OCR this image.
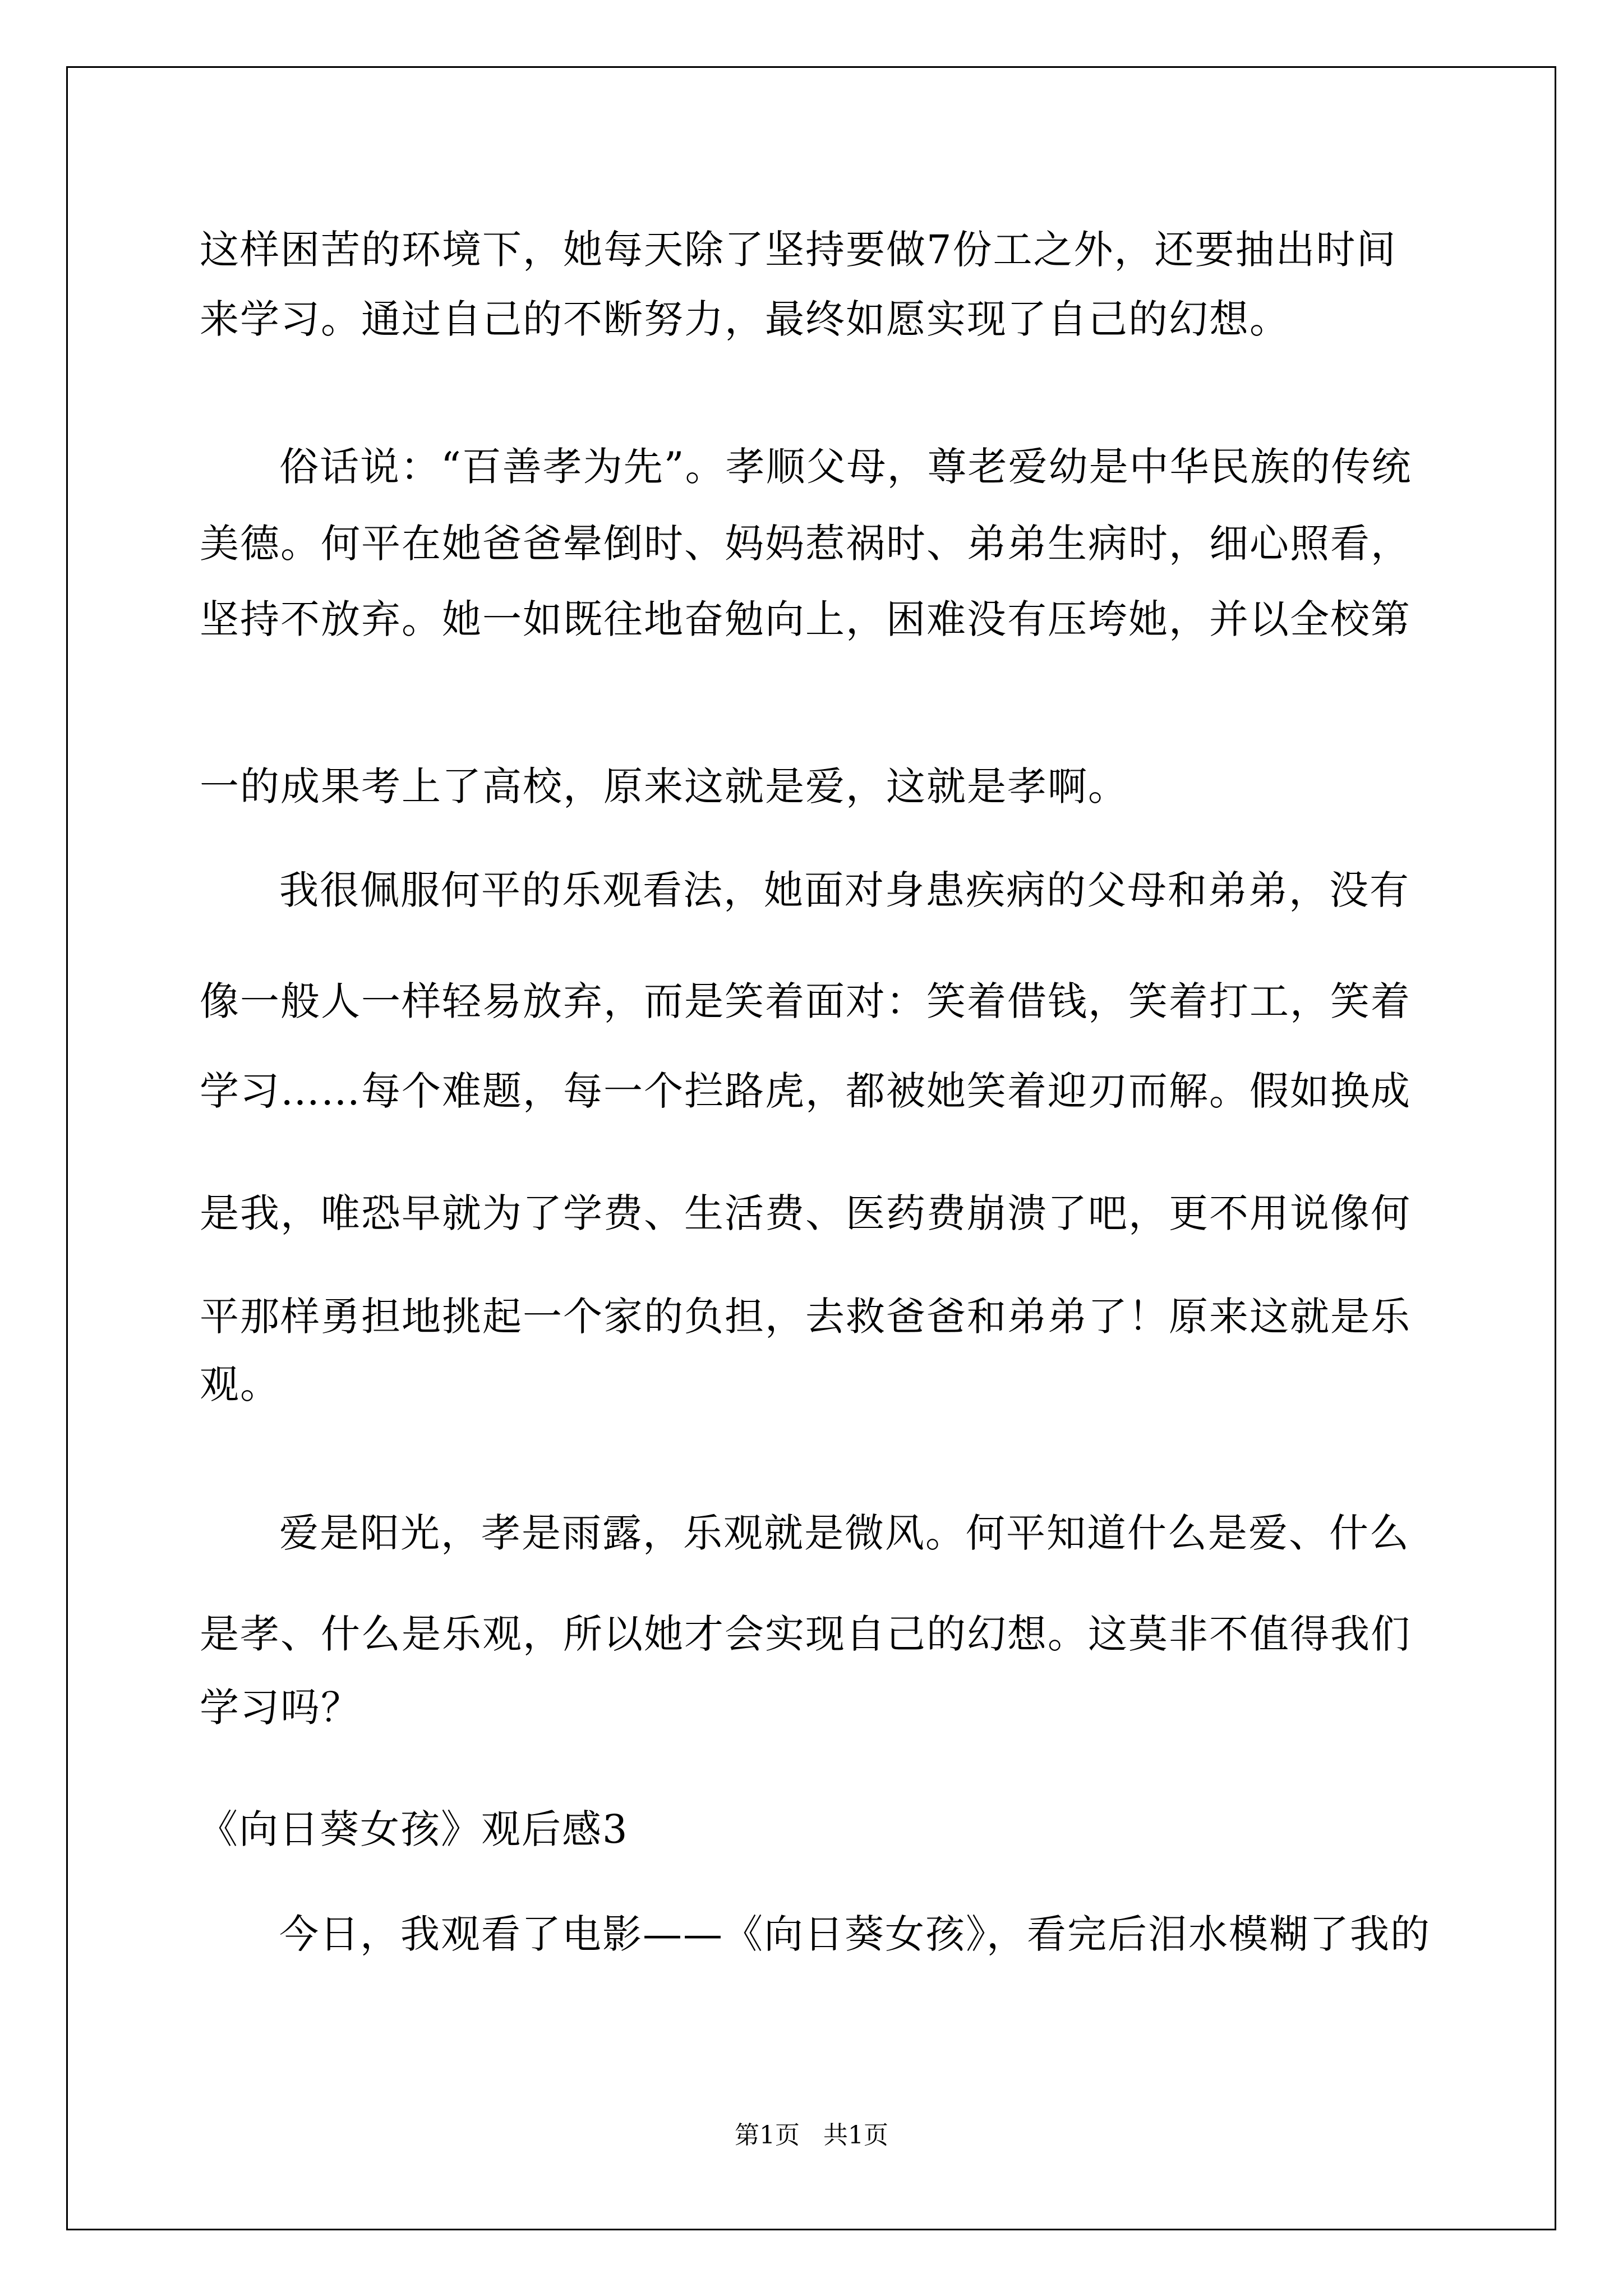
这样困苦的环境下，她每天除了坚持要做7份工之外，还要抽出时间
来学习。通过自己的不断努力，最终如愿实现了自己的幻想。
俗话说：“百善孝为先”。孝顺父母，尊老爱幼是中华民族的传统
美德。何平在她爸爸晕倒时、妈妈惹祸时、弟弟生病时，细心照看，
坚持不放弃。她一如既往地奋勉向上，困难没有压垮她，并以全校第
一的成果考上了高校，原来这就是爱，这就是孝啊。
我很佩服何平的乐观看法，她面对身患疾病的父母和弟弟，没有
像一般人一样轻易放弃，而是笑着面对：笑着借钱，笑着打工，笑着
学习……每个难题，每一个拦路虎，都被她笑着迎刃而解。假如换成
是我，唯恐早就为了学费、生活费、医药费崩溃了吧，更不用说像何
平那样勇担地挑起一个家的负担，去救爸爸和弟弟了！原来这就是乐
观。
爱是阳光，孝是雨露，乐观就是微风。何平知道什么是爱、什么
是孝、什么是乐观，所以她才会实现自己的幻想。这莫非不值得我们
学习吗？
《向日葵女孩》观后感3
今日，我观看了电影——《向日葵女孩》，看完后泪水模糊了我的
第1页   共1页
